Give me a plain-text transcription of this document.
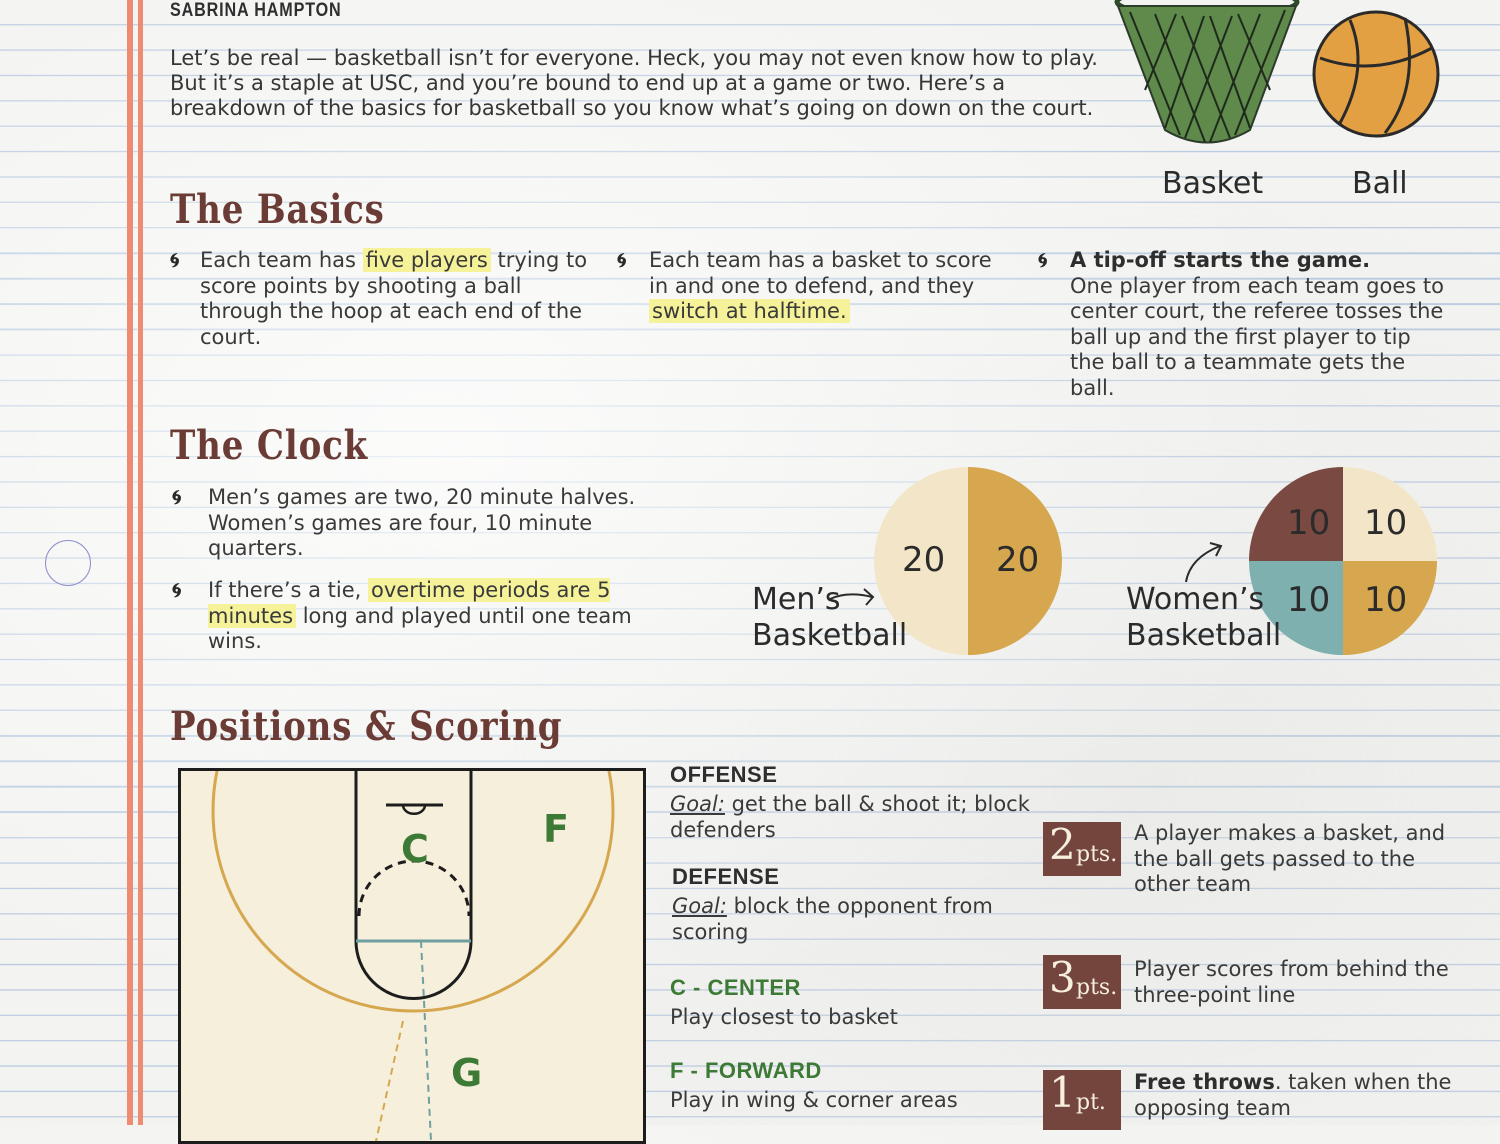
SABRINA HAMPTON
Let’s be real — basketball isn’t for everyone. Heck, you may not even know how to play. But it’s a staple at USC, and you’re bound to end up at a game or two. Here’s a breakdown of the basics for basketball so you know what’s going on down on the court.
Basket	Ball
The Basics
🌀︎ Each team has five players trying to score points by shooting a ball through the hoop at each end of the court.
🌀︎ Each team has a basket to score in and one to defend, and they switch at halftime.
🌀︎ A tip-off starts the game.
One player from each team goes to center court, the referee tosses the ball up and the first player to tip the ball to a teammate gets the ball.
The Clock
🌀︎ Men’s games are two, 20 minute halves. Women’s games are four, 10 minute quarters.
🌀︎ If there’s a tie, overtime periods are 5 minutes long and played until one team wins.
20 20
Men’s Basketball
10 10
10 10
Women’s Basketball
Positions & Scoring
C	F
G
OFFENSE
Goal: get the ball & shoot it; block defenders
DEFENSE
Goal: block the opponent from scoring
C - CENTER
Play closest to basket
F - FORWARD
Play in wing & corner areas
2 pts.
A player makes a basket, and the ball gets passed to the other team
3 pts.
Player scores from behind the three-point line
1 pt.
Free throws. taken when the opposing team
